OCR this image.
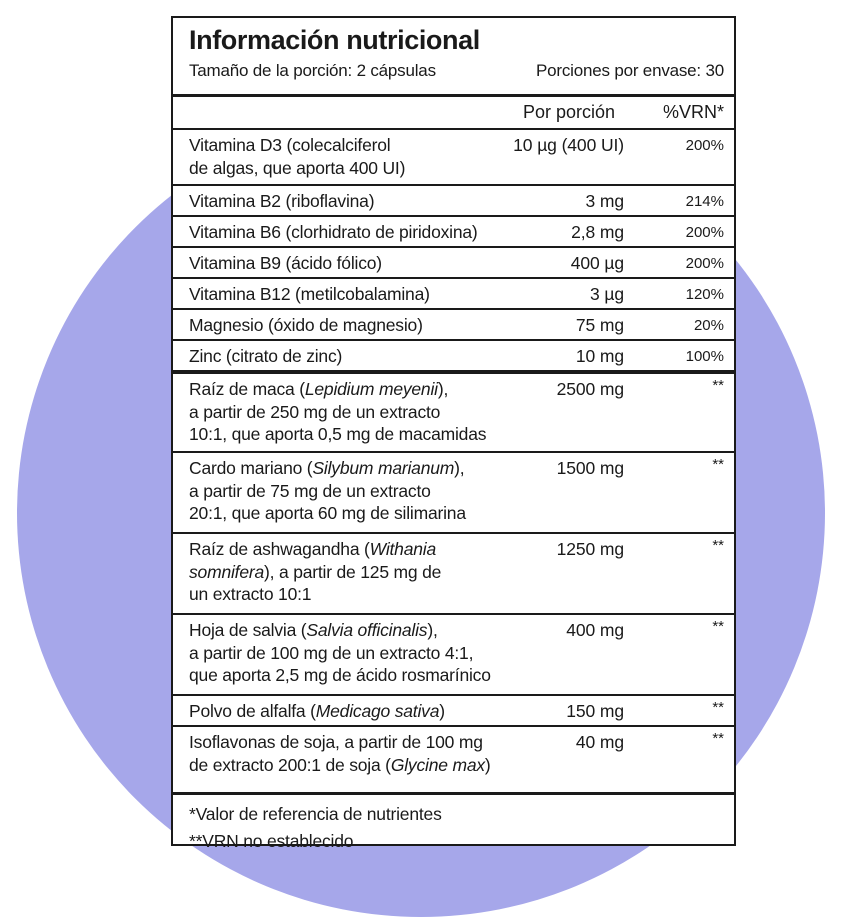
Información nutricional
Tamaño de la porción: 2 cápsulas	Porciones por envase: 30
Por porción	%VRN*
Vitamina D3 (colecalciferol
de algas, que aporta 400 UI)
10 µg (400 UI)	200%
Vitamina B2 (riboflavina)	3 mg	214%
Vitamina B6 (clorhidrato de piridoxina)	2,8 mg	200%
Vitamina B9 (ácido fólico)	400 µg	200%
Vitamina B12 (metilcobalamina)	3 µg	120%
Magnesio (óxido de magnesio)	75 mg	20%
Zinc (citrato de zinc)	10 mg	100%
Raíz de maca (Lepidium meyenii),
a partir de 250 mg de un extracto
10:1, que aporta 0,5 mg de macamidas
2500 mg	**
Cardo mariano (Silybum marianum),
a partir de 75 mg de un extracto
20:1, que aporta 60 mg de silimarina
1500 mg	**
Raíz de ashwagandha (Withania
somnifera), a partir de 125 mg de
un extracto 10:1
1250 mg	**
Hoja de salvia (Salvia officinalis),
a partir de 100 mg de un extracto 4:1,
que aporta 2,5 mg de ácido rosmarínico
400 mg	**
Polvo de alfalfa (Medicago sativa)	150 mg	**
Isoflavonas de soja, a partir de 100 mg
de extracto 200:1 de soja (Glycine max)
40 mg	**
*Valor de referencia de nutrientes
**VRN no establecido
